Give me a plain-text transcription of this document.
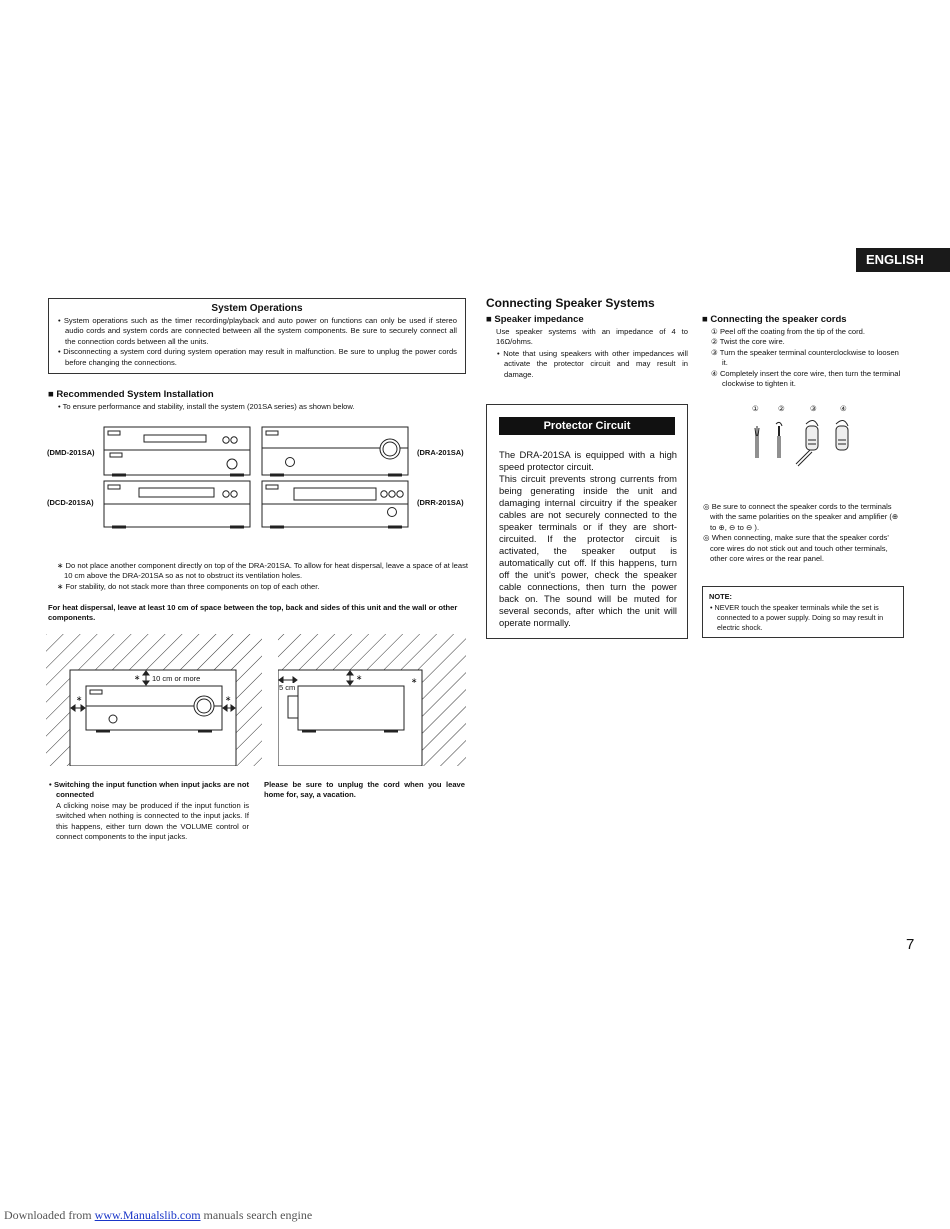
ENGLISH
System Operations

• System operations such as the timer recording/playback and auto power on functions can only be used if stereo audio cords and system cords are connected between all the system components. Be sure to securely connect all the connection cords between all the units.

• Disconnecting a system cord during system operation may result in malfunction. Be sure to unplug the power cords before changing the connections.

■ Recommended System Installation
• To ensure performance and stability, install the system (201SA series) as shown below.
(DMD-201SA)	(DRA-201SA)
(DCD-201SA)	(DRR-201SA)

∗ Do not place another component directly on top of the DRA-201SA. To allow for heat dispersal, leave a space of at least 10 cm above the DRA-201SA so as not to obstruct its ventilation holes.

∗ For stability, do not stack more than three components on top of each other.

For heat dispersal, leave at least 10 cm of space between the top, back and sides of this unit and the wall or other components.
10 cm or more
5 cm
∗
∗	∗
∗	∗

• Switching the input function when input jacks are not connected

A clicking noise may be produced if the input function is switched when nothing is connected to the input jacks. If this happens, either turn down the VOLUME control or connect components to the input jacks.

Please be sure to unplug the cord when you leave home for, say, a vacation.
Connecting Speaker Systems
■ Speaker impedance
Use speaker systems with an impedance of 4 to 16Ω/ohms.

• Note that using speakers with other impedances will activate the protector circuit and may result in damage.

Protector Circuit

The DRA-201SA is equipped with a high speed protector circuit.

This circuit prevents strong currents from being generating inside the unit and damaging internal circuitry if the speaker cables are not securely connected to the speaker terminals or if they are short-circuited. If the protector circuit is activated, the speaker output is automatically cut off. If this happens, turn off the unit's power, check the speaker cable connections, then turn the power back on. The sound will be muted for several seconds, after which the unit will operate normally.

■ Connecting the speaker cords

① Peel off the coating from the tip of the cord.

② Twist the core wire.

③ Turn the speaker terminal counterclockwise to loosen it.

④ Completely insert the core wire, then turn the terminal clockwise to tighten it.

①	②	③	④

◎ Be sure to connect the speaker cords to the terminals with the same polarities on the speaker and amplifier (⊕ to ⊕, ⊖ to ⊖ ).

◎ When connecting, make sure that the speaker cords' core wires do not stick out and touch other terminals, other core wires or the rear panel.

NOTE:

• NEVER touch the speaker terminals while the set is connected to a power supply. Doing so may result in electric shock.

7
Downloaded from www.Manualslib.com manuals search engine
